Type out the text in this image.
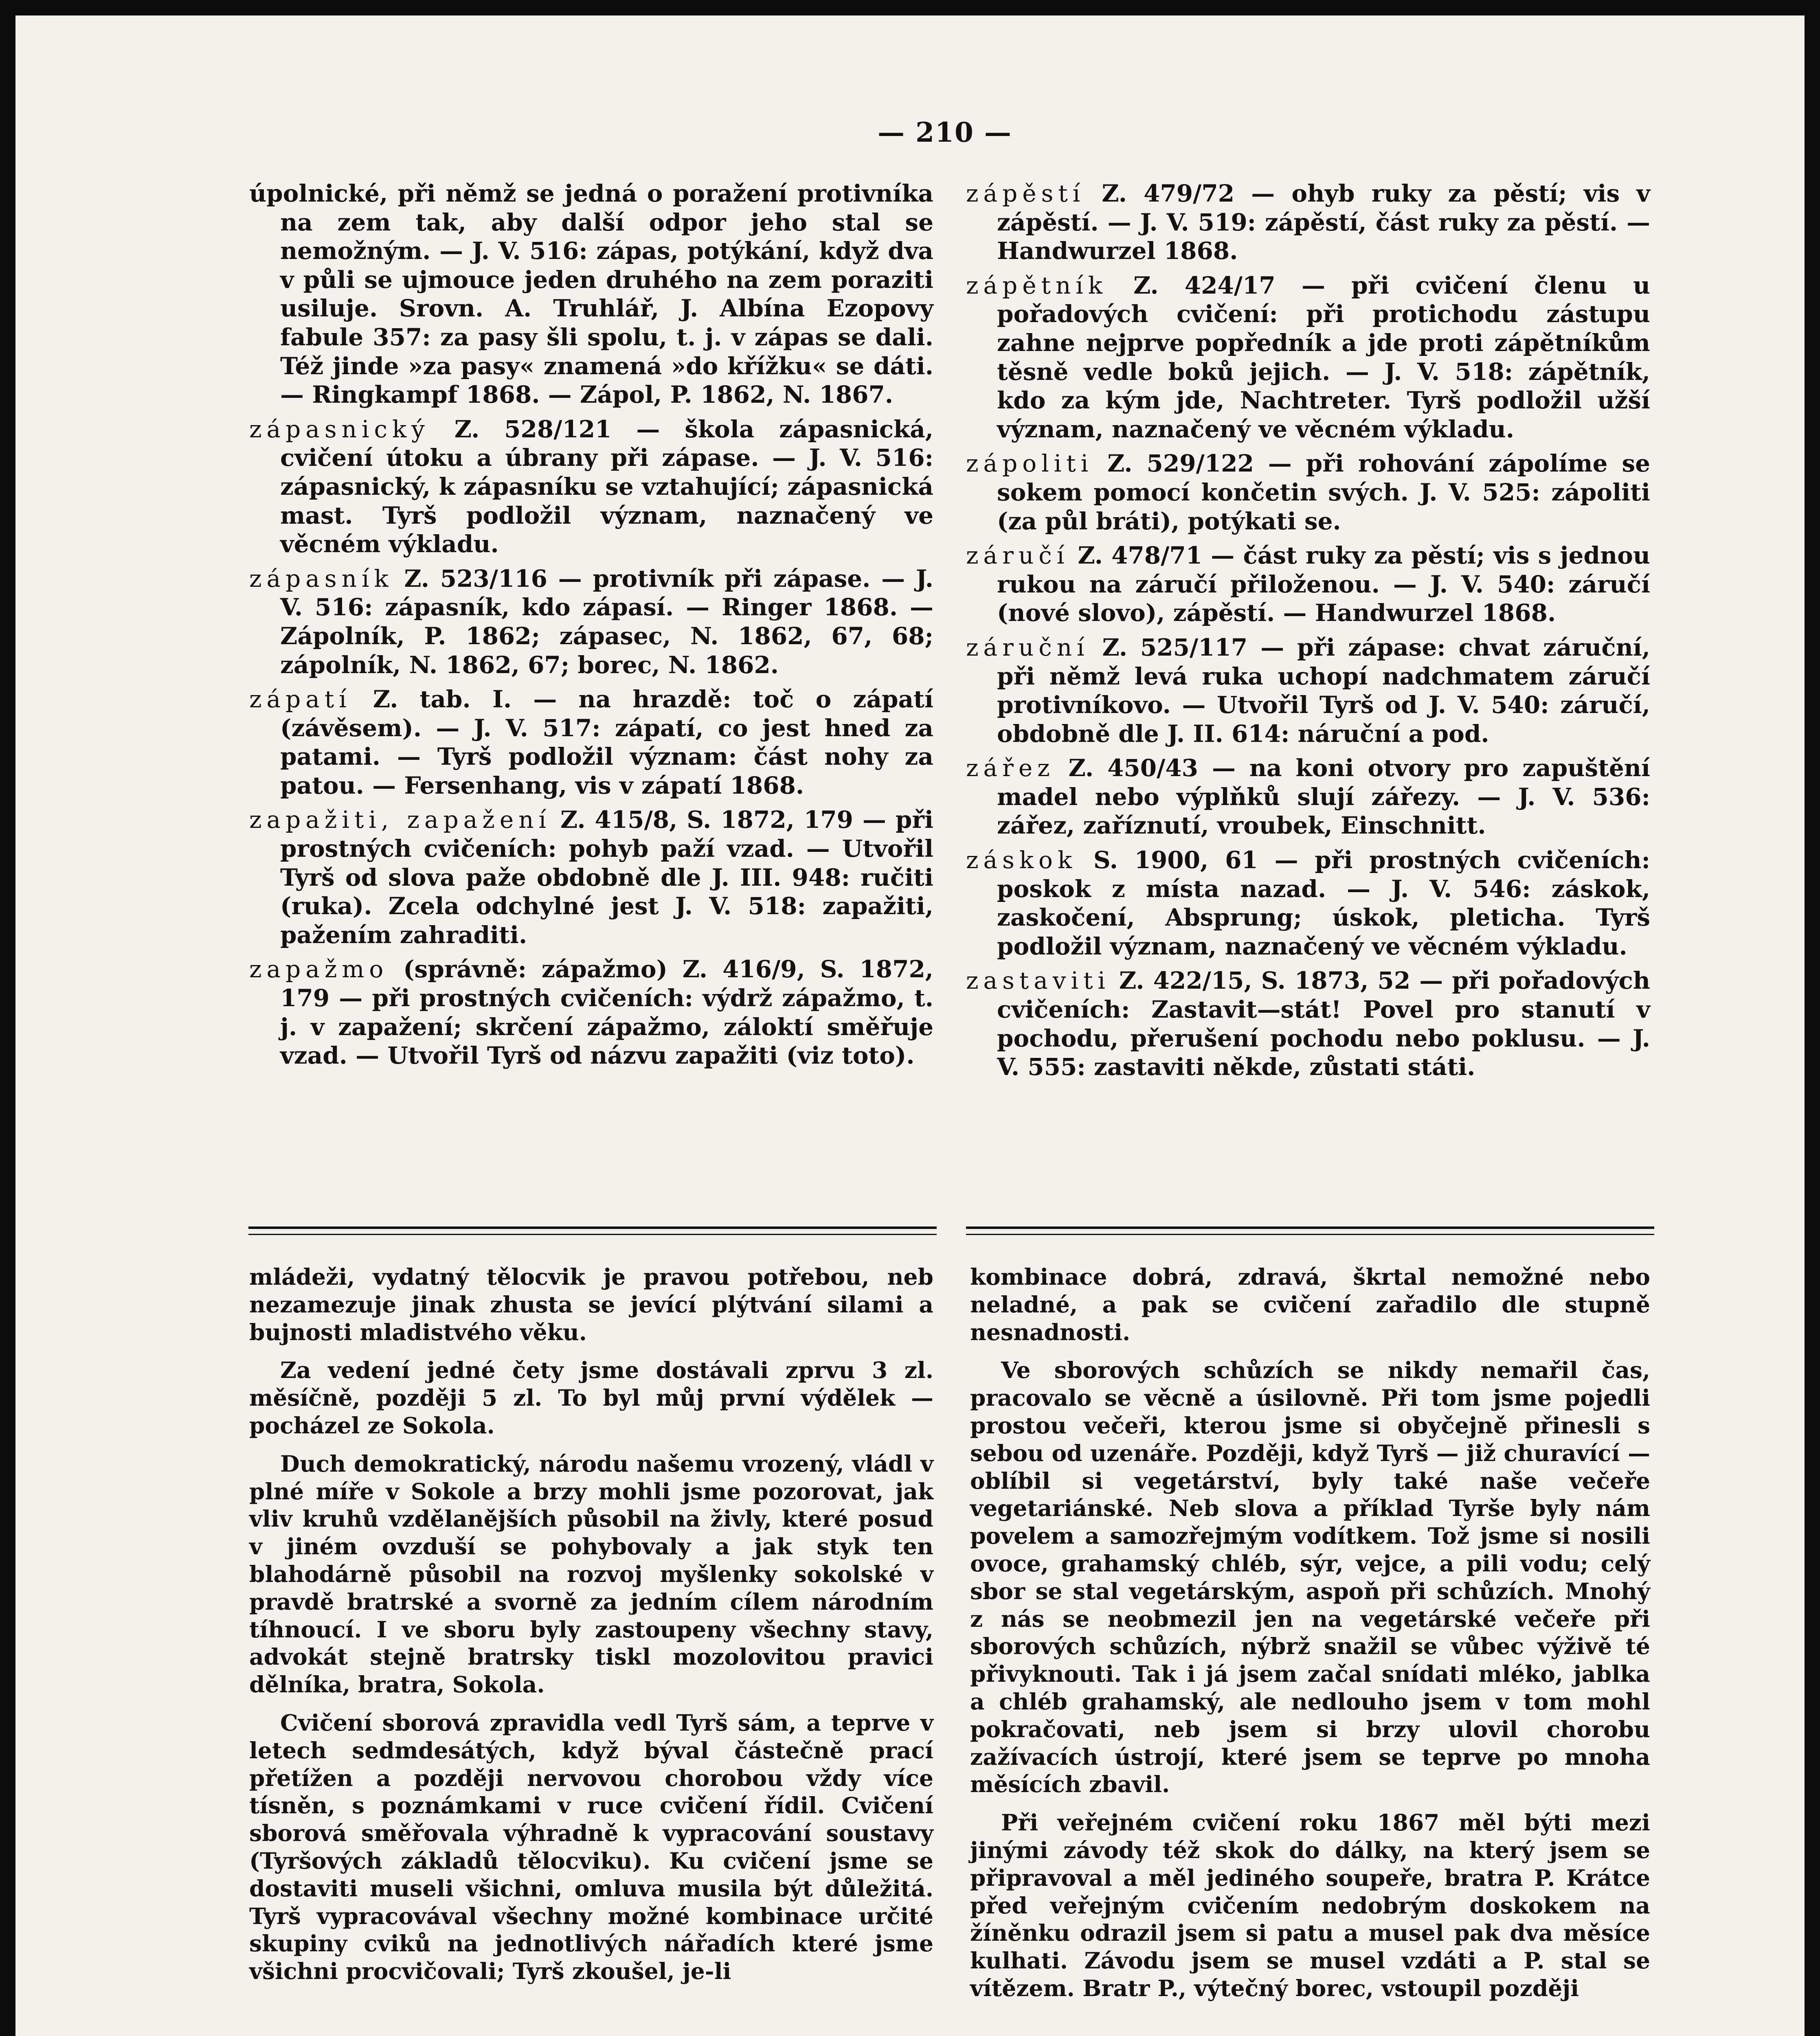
— 210 —

úpolnické, při němž se jedná o poražení protivníka na zem tak, aby další odpor jeho stal se nemožným. — J. V. 516: zápas, potýkání, když dva v půli se ujmouce jeden druhého na zem poraziti usiluje. Srovn. A. Truhlář, J. Albína Ezopovy fabule 357: za pasy šli spolu, t. j. v zápas se dali. Též jinde »za pasy« znamená »do křížku« se dáti. — Ringkampf 1868. — Zápol, P. 1862, N. 1867.

zápasnický Z. 528/121 — škola zápasnická, cvičení útoku a úbrany při zápase. — J. V. 516: zápasnický, k zápasníku se vztahující; zápasnická mast. Tyrš podložil význam, naznačený ve věcném výkladu.

zápasník Z. 523/116 — protivník při zápase. — J. V. 516: zápasník, kdo zápasí. — Ringer 1868. — Zápolník, P. 1862; zápasec, N. 1862, 67, 68; zápolník, N. 1862, 67; borec, N. 1862.

zápatí Z. tab. I. — na hrazdě: toč o zápatí (závěsem). — J. V. 517: zápatí, co jest hned za patami. — Tyrš podložil význam: část nohy za patou. — Fersenhang, vis v zápatí 1868.

zapažiti, zapažení Z. 415/8, S. 1872, 179 — při prostných cvičeních: pohyb paží vzad. — Utvořil Tyrš od slova paže obdobně dle J. III. 948: ručiti (ruka). Zcela odchylné jest J. V. 518: zapažiti, pažením zahraditi.

zapažmo (správně: zápažmo) Z. 416/9, S. 1872, 179 — při prostných cvičeních: výdrž zápažmo, t. j. v zapažení; skrčení zápažmo, záloktí směřuje vzad. — Utvořil Tyrš od názvu zapažiti (viz toto).

zápěstí Z. 479/72 — ohyb ruky za pěstí; vis v zápěstí. — J. V. 519: zápěstí, část ruky za pěstí. — Handwurzel 1868.

zápětník Z. 424/17 — při cvičení členu u pořadových cvičení: při protichodu zástupu zahne nejprve popředník a jde proti zápětníkům těsně vedle boků jejich. — J. V. 518: zápětník, kdo za kým jde, Nachtreter. Tyrš podložil užší význam, naznačený ve věcném výkladu.

zápoliti Z. 529/122 — při rohování zápolíme se sokem pomocí končetin svých. J. V. 525: zápoliti (za půl bráti), potýkati se.

záručí Z. 478/71 — část ruky za pěstí; vis s jednou rukou na záručí přiloženou. — J. V. 540: záručí (nové slovo), zápěstí. — Handwurzel 1868.

záruční Z. 525/117 — při zápase: chvat záruční, při němž levá ruka uchopí nadchmatem záručí protivníkovo. — Utvořil Tyrš od J. V. 540: záručí, obdobně dle J. II. 614: náruční a pod.

zářez Z. 450/43 — na koni otvory pro zapuštění madel nebo výplňků slují zářezy. — J. V. 536: zářez, zaříznutí, vroubek, Einschnitt.

záskok S. 1900, 61 — při prostných cvičeních: poskok z místa nazad. — J. V. 546: záskok, zaskočení, Absprung; úskok, pleticha. Tyrš podložil význam, naznačený ve věcném výkladu.

zastaviti Z. 422/15, S. 1873, 52 — při pořadových cvičeních: Zastavit—stát! Povel pro stanutí v pochodu, přerušení pochodu nebo poklusu. — J. V. 555: zastaviti někde, zůstati státi.

mládeži, vydatný tělocvik je pravou potřebou, neb nezamezuje jinak zhusta se jevící plýtvání silami a bujnosti mladistvého věku.

Za vedení jedné čety jsme dostávali zprvu 3 zl. měsíčně, později 5 zl. To byl můj první výdělek — pocházel ze Sokola.

Duch demokratický, národu našemu vrozený, vládl v plné míře v Sokole a brzy mohli jsme pozorovat, jak vliv kruhů vzdělanějších působil na živly, které posud v jiném ovzduší se pohybovaly a jak styk ten blahodárně působil na rozvoj myšlenky sokolské v pravdě bratrské a svorně za jedním cílem národním tíhnoucí. I ve sboru byly zastoupeny všechny stavy, advokát stejně bratrsky tiskl mozolovitou pravici dělníka, bratra, Sokola.

Cvičení sborová zpravidla vedl Tyrš sám, a teprve v letech sedmdesátých, když býval částečně prací přetížen a později nervovou chorobou vždy více tísněn, s poznámkami v ruce cvičení řídil. Cvičení sborová směřovala výhradně k vypracování soustavy (Tyršových základů tělocviku). Ku cvičení jsme se dostaviti museli všichni, omluva musila být důležitá. Tyrš vypracovával všechny možné kombinace určité skupiny cviků na jednotlivých nářadích které jsme všichni procvičovali; Tyrš zkoušel, je-li

kombinace dobrá, zdravá, škrtal nemožné nebo neladné, a pak se cvičení zařadilo dle stupně nesnadnosti.

Ve sborových schůzích se nikdy nemařil čas, pracovalo se věcně a úsilovně. Při tom jsme pojedli prostou večeři, kterou jsme si obyčejně přinesli s sebou od uzenáře. Později, když Tyrš — již churavící — oblíbil si vegetárství, byly také naše večeře vegetariánské. Neb slova a příklad Tyrše byly nám povelem a samozřejmým vodítkem. Tož jsme si nosili ovoce, grahamský chléb, sýr, vejce, a pili vodu; celý sbor se stal vegetárským, aspoň při schůzích. Mnohý z nás se neobmezil jen na vegetárské večeře při sborových schůzích, nýbrž snažil se vůbec výživě té přivyknouti. Tak i já jsem začal snídati mléko, jablka a chléb grahamský, ale nedlouho jsem v tom mohl pokračovati, neb jsem si brzy ulovil chorobu zažívacích ústrojí, které jsem se teprve po mnoha měsících zbavil.

Při veřejném cvičení roku 1867 měl býti mezi jinými závody též skok do dálky, na který jsem se připravoval a měl jediného soupeře, bratra P. Krátce před veřejným cvičením nedobrým doskokem na žíněnku odrazil jsem si patu a musel pak dva měsíce kulhati. Závodu jsem se musel vzdáti a P. stal se vítězem. Bratr P., výtečný borec, vstoupil později
